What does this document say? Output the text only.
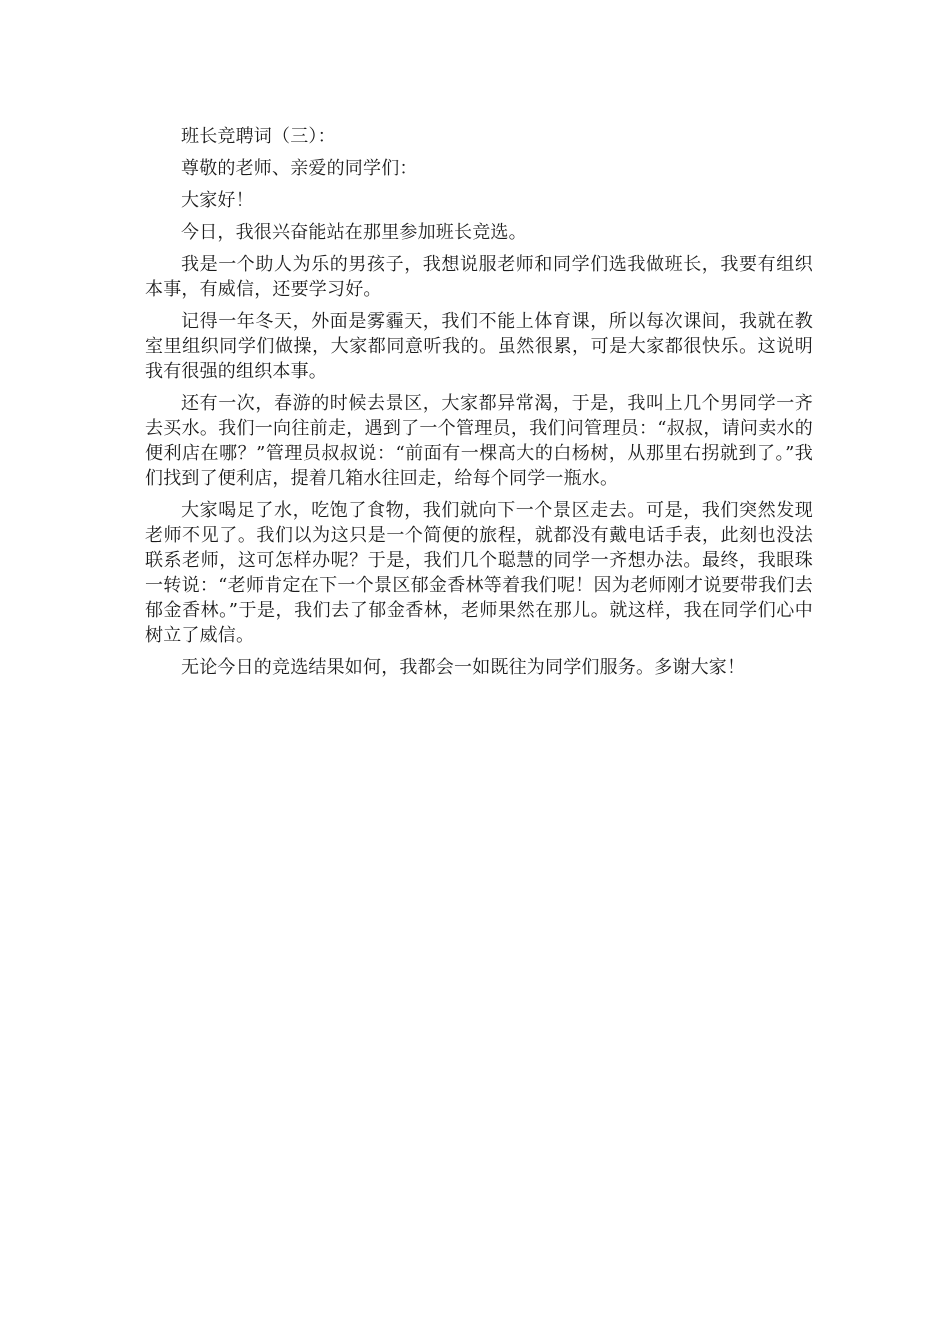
班长竞聘词（三）：

尊敬的老师、亲爱的同学们：

大家好！

今日，我很兴奋能站在那里参加班长竞选。

我是一个助人为乐的男孩子，我想说服老师和同学们选我做班长，我要有组织本事，有威信，还要学习好。

记得一年冬天，外面是雾霾天，我们不能上体育课，所以每次课间，我就在教室里组织同学们做操，大家都同意听我的。虽然很累，可是大家都很快乐。这说明我有很强的组织本事。

还有一次，春游的时候去景区，大家都异常渴，于是，我叫上几个男同学一齐去买水。我们一向往前走，遇到了一个管理员，我们问管理员：“叔叔，请问卖水的便利店在哪？”管理员叔叔说：“前面有一棵高大的白杨树，从那里右拐就到了。”我们找到了便利店，提着几箱水往回走，给每个同学一瓶水。

大家喝足了水，吃饱了食物，我们就向下一个景区走去。可是，我们突然发现老师不见了。我们以为这只是一个简便的旅程，就都没有戴电话手表，此刻也没法联系老师，这可怎样办呢？于是，我们几个聪慧的同学一齐想办法。最终，我眼珠一转说：“老师肯定在下一个景区郁金香林等着我们呢！因为老师刚才说要带我们去郁金香林。”于是，我们去了郁金香林，老师果然在那儿。就这样，我在同学们心中树立了威信。

无论今日的竞选结果如何，我都会一如既往为同学们服务。多谢大家！
